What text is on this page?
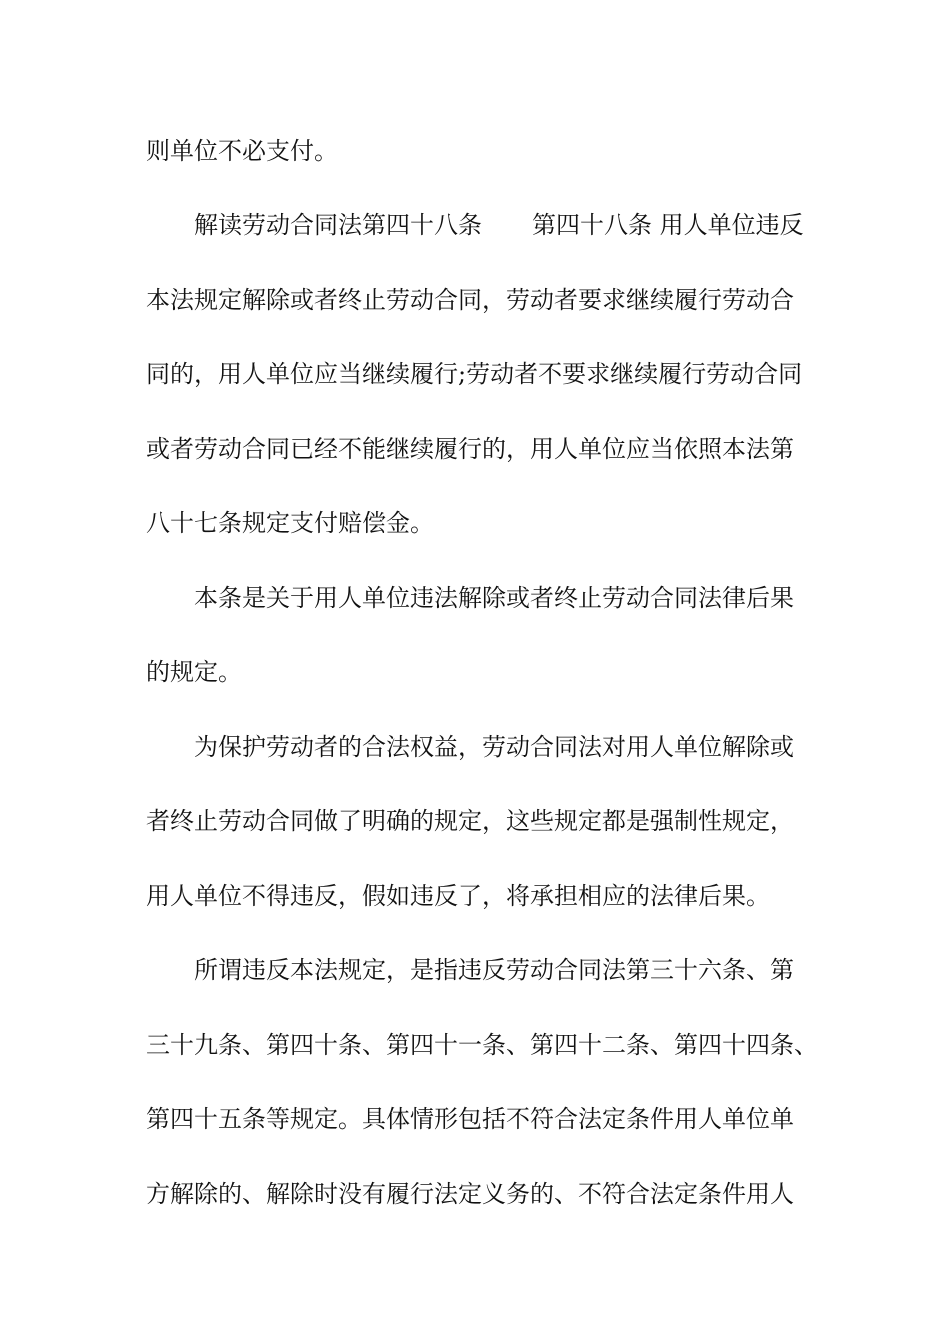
则单位不必支付。
解读劳动合同法第四十八条 第四十八条 用人单位违反
本法规定解除或者终止劳动合同，劳动者要求继续履行劳动合
同的，用人单位应当继续履行;劳动者不要求继续履行劳动合同
或者劳动合同已经不能继续履行的，用人单位应当依照本法第
八十七条规定支付赔偿金。
本条是关于用人单位违法解除或者终止劳动合同法律后果
的规定。
为保护劳动者的合法权益，劳动合同法对用人单位解除或
者终止劳动合同做了明确的规定，这些规定都是强制性规定，
用人单位不得违反，假如违反了，将承担相应的法律后果。
所谓违反本法规定，是指违反劳动合同法第三十六条、第
三十九条、第四十条、第四十一条、第四十二条、第四十四条、
第四十五条等规定。具体情形包括不符合法定条件用人单位单
方解除的、解除时没有履行法定义务的、不符合法定条件用人
